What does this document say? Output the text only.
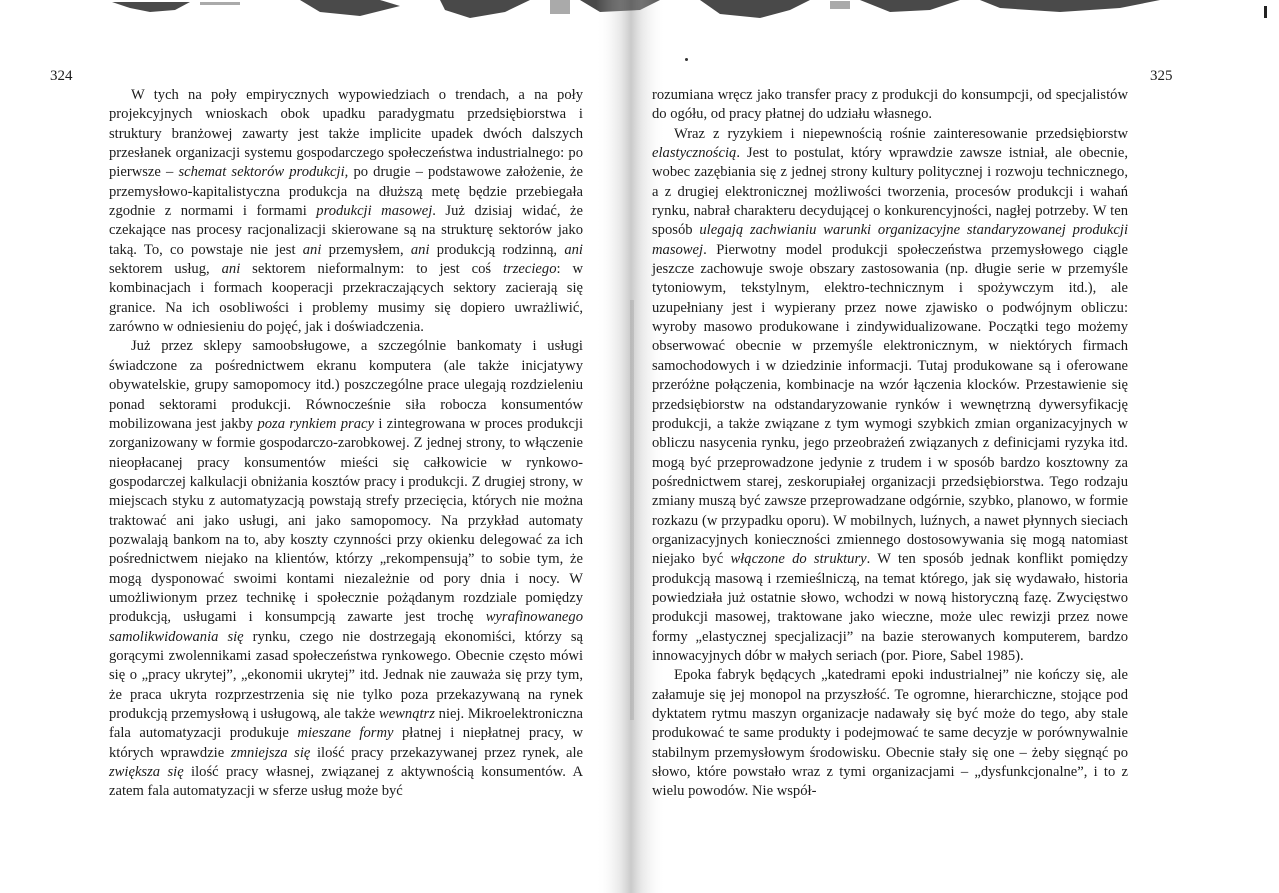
324	325

W tych na poły empirycznych wypowiedziach o trendach, a na poły projekcyjnych wnioskach obok upadku paradygmatu przedsiębiorstwa i struktury branżowej zawarty jest także implicite upadek dwóch dalszych przesłanek organizacji systemu gospodarczego społeczeństwa industrialnego: po pierwsze – schemat sektorów produkcji, po drugie – podstawowe założenie, że przemysłowo-kapitalistyczna produkcja na dłuższą metę będzie przebiegała zgodnie z normami i formami produkcji masowej. Już dzisiaj widać, że czekające nas procesy racjonalizacji skierowane są na strukturę sektorów jako taką. To, co powstaje nie jest ani przemysłem, ani produkcją rodzinną, ani sektorem usług, ani sektorem nieformalnym: to jest coś trzeciego: w kombinacjach i formach kooperacji przekraczających sektory zacierają się granice. Na ich osobliwości i problemy musimy się dopiero uwrażliwić, zarówno w odniesieniu do pojęć, jak i doświadczenia.

Już przez sklepy samoobsługowe, a szczególnie bankomaty i usługi świadczone za pośrednictwem ekranu komputera (ale także inicjatywy obywatelskie, grupy samopomocy itd.) poszczególne prace ulegają rozdzieleniu ponad sektorami produkcji. Równocześnie siła robocza konsumentów mobilizowana jest jakby poza rynkiem pracy i zintegrowana w proces produkcji zorganizowany w formie gospodarczo-zarobkowej. Z jednej strony, to włączenie nieopłacanej pracy konsumentów mieści się całkowicie w rynkowo-gospodarczej kalkulacji obniżania kosztów pracy i produkcji. Z drugiej strony, w miejscach styku z automatyzacją powstają strefy przecięcia, których nie można traktować ani jako usługi, ani jako samopomocy. Na przykład automaty pozwalają bankom na to, aby koszty czynności przy okienku delegować za ich pośrednictwem niejako na klientów, którzy „rekompensują” to sobie tym, że mogą dysponować swoimi kontami niezależnie od pory dnia i nocy. W umożliwionym przez technikę i społecznie pożądanym rozdziale pomiędzy produkcją, usługami i konsumpcją zawarte jest trochę wyrafinowanego samolikwidowania się rynku, czego nie dostrzegają ekonomiści, którzy są gorącymi zwolennikami zasad społeczeństwa rynkowego. Obecnie często mówi się o „pracy ukrytej”, „ekonomii ukrytej” itd. Jednak nie zauważa się przy tym, że praca ukryta rozprzestrzenia się nie tylko poza przekazywaną na rynek produkcją przemysłową i usługową, ale także wewnątrz niej. Mikroelektroniczna fala automatyzacji produkuje mieszane formy płatnej i niepłatnej pracy, w których wprawdzie zmniejsza się ilość pracy przekazywanej przez rynek, ale zwiększa się ilość pracy własnej, związanej z aktywnością konsumentów. A zatem fala automatyzacji w sferze usług może być

rozumiana wręcz jako transfer pracy z produkcji do konsumpcji, od specjalistów do ogółu, od pracy płatnej do udziału własnego.

Wraz z ryzykiem i niepewnością rośnie zainteresowanie przedsiębiorstw elastycznością. Jest to postulat, który wprawdzie zawsze istniał, ale obecnie, wobec zazębiania się z jednej strony kultury politycznej i rozwoju technicznego, a z drugiej elektronicznej możliwości tworzenia, procesów produkcji i wahań rynku, nabrał charakteru decydującej o konkurencyjności, nagłej potrzeby. W ten sposób ulegają zachwianiu warunki organizacyjne standaryzowanej produkcji masowej. Pierwotny model produkcji społeczeństwa przemysłowego ciągle jeszcze zachowuje swoje obszary zastosowania (np. długie serie w przemyśle tytoniowym, tekstylnym, elektro-technicznym i spożywczym itd.), ale uzupełniany jest i wypierany przez nowe zjawisko o podwójnym obliczu: wyroby masowo produkowane i zindywidualizowane. Początki tego możemy obserwować obecnie w przemyśle elektronicznym, w niektórych firmach samochodowych i w dziedzinie informacji. Tutaj produkowane są i oferowane przeróżne połączenia, kombinacje na wzór łączenia klocków. Przestawienie się przedsiębiorstw na odstandaryzowanie rynków i wewnętrzną dywersyfikację produkcji, a także związane z tym wymogi szybkich zmian organizacyjnych w obliczu nasycenia rynku, jego przeobrażeń związanych z definicjami ryzyka itd. mogą być przeprowadzone jedynie z trudem i w sposób bardzo kosztowny za pośrednictwem starej, zeskorupiałej organizacji przedsiębiorstwa. Tego rodzaju zmiany muszą być zawsze przeprowadzane odgórnie, szybko, planowo, w formie rozkazu (w przypadku oporu). W mobilnych, luźnych, a nawet płynnych sieciach organizacyjnych konieczności zmiennego dostosowywania się mogą natomiast niejako być włączone do struktury. W ten sposób jednak konflikt pomiędzy produkcją masową i rzemieślniczą, na temat którego, jak się wydawało, historia powiedziała już ostatnie słowo, wchodzi w nową historyczną fazę. Zwycięstwo produkcji masowej, traktowane jako wieczne, może ulec rewizji przez nowe formy „elastycznej specjalizacji” na bazie sterowanych komputerem, bardzo innowacyjnych dóbr w małych seriach (por. Piore, Sabel 1985).

Epoka fabryk będących „katedrami epoki industrialnej” nie kończy się, ale załamuje się jej monopol na przyszłość. Te ogromne, hierarchiczne, stojące pod dyktatem rytmu maszyn organizacje nadawały się być może do tego, aby stale produkować te same produkty i podejmować te same decyzje w porównywalnie stabilnym przemysłowym środowisku. Obecnie stały się one – żeby sięgnąć po słowo, które powstało wraz z tymi organizacjami – „dysfunkcjonalne”, i to z wielu powodów. Nie współ-
